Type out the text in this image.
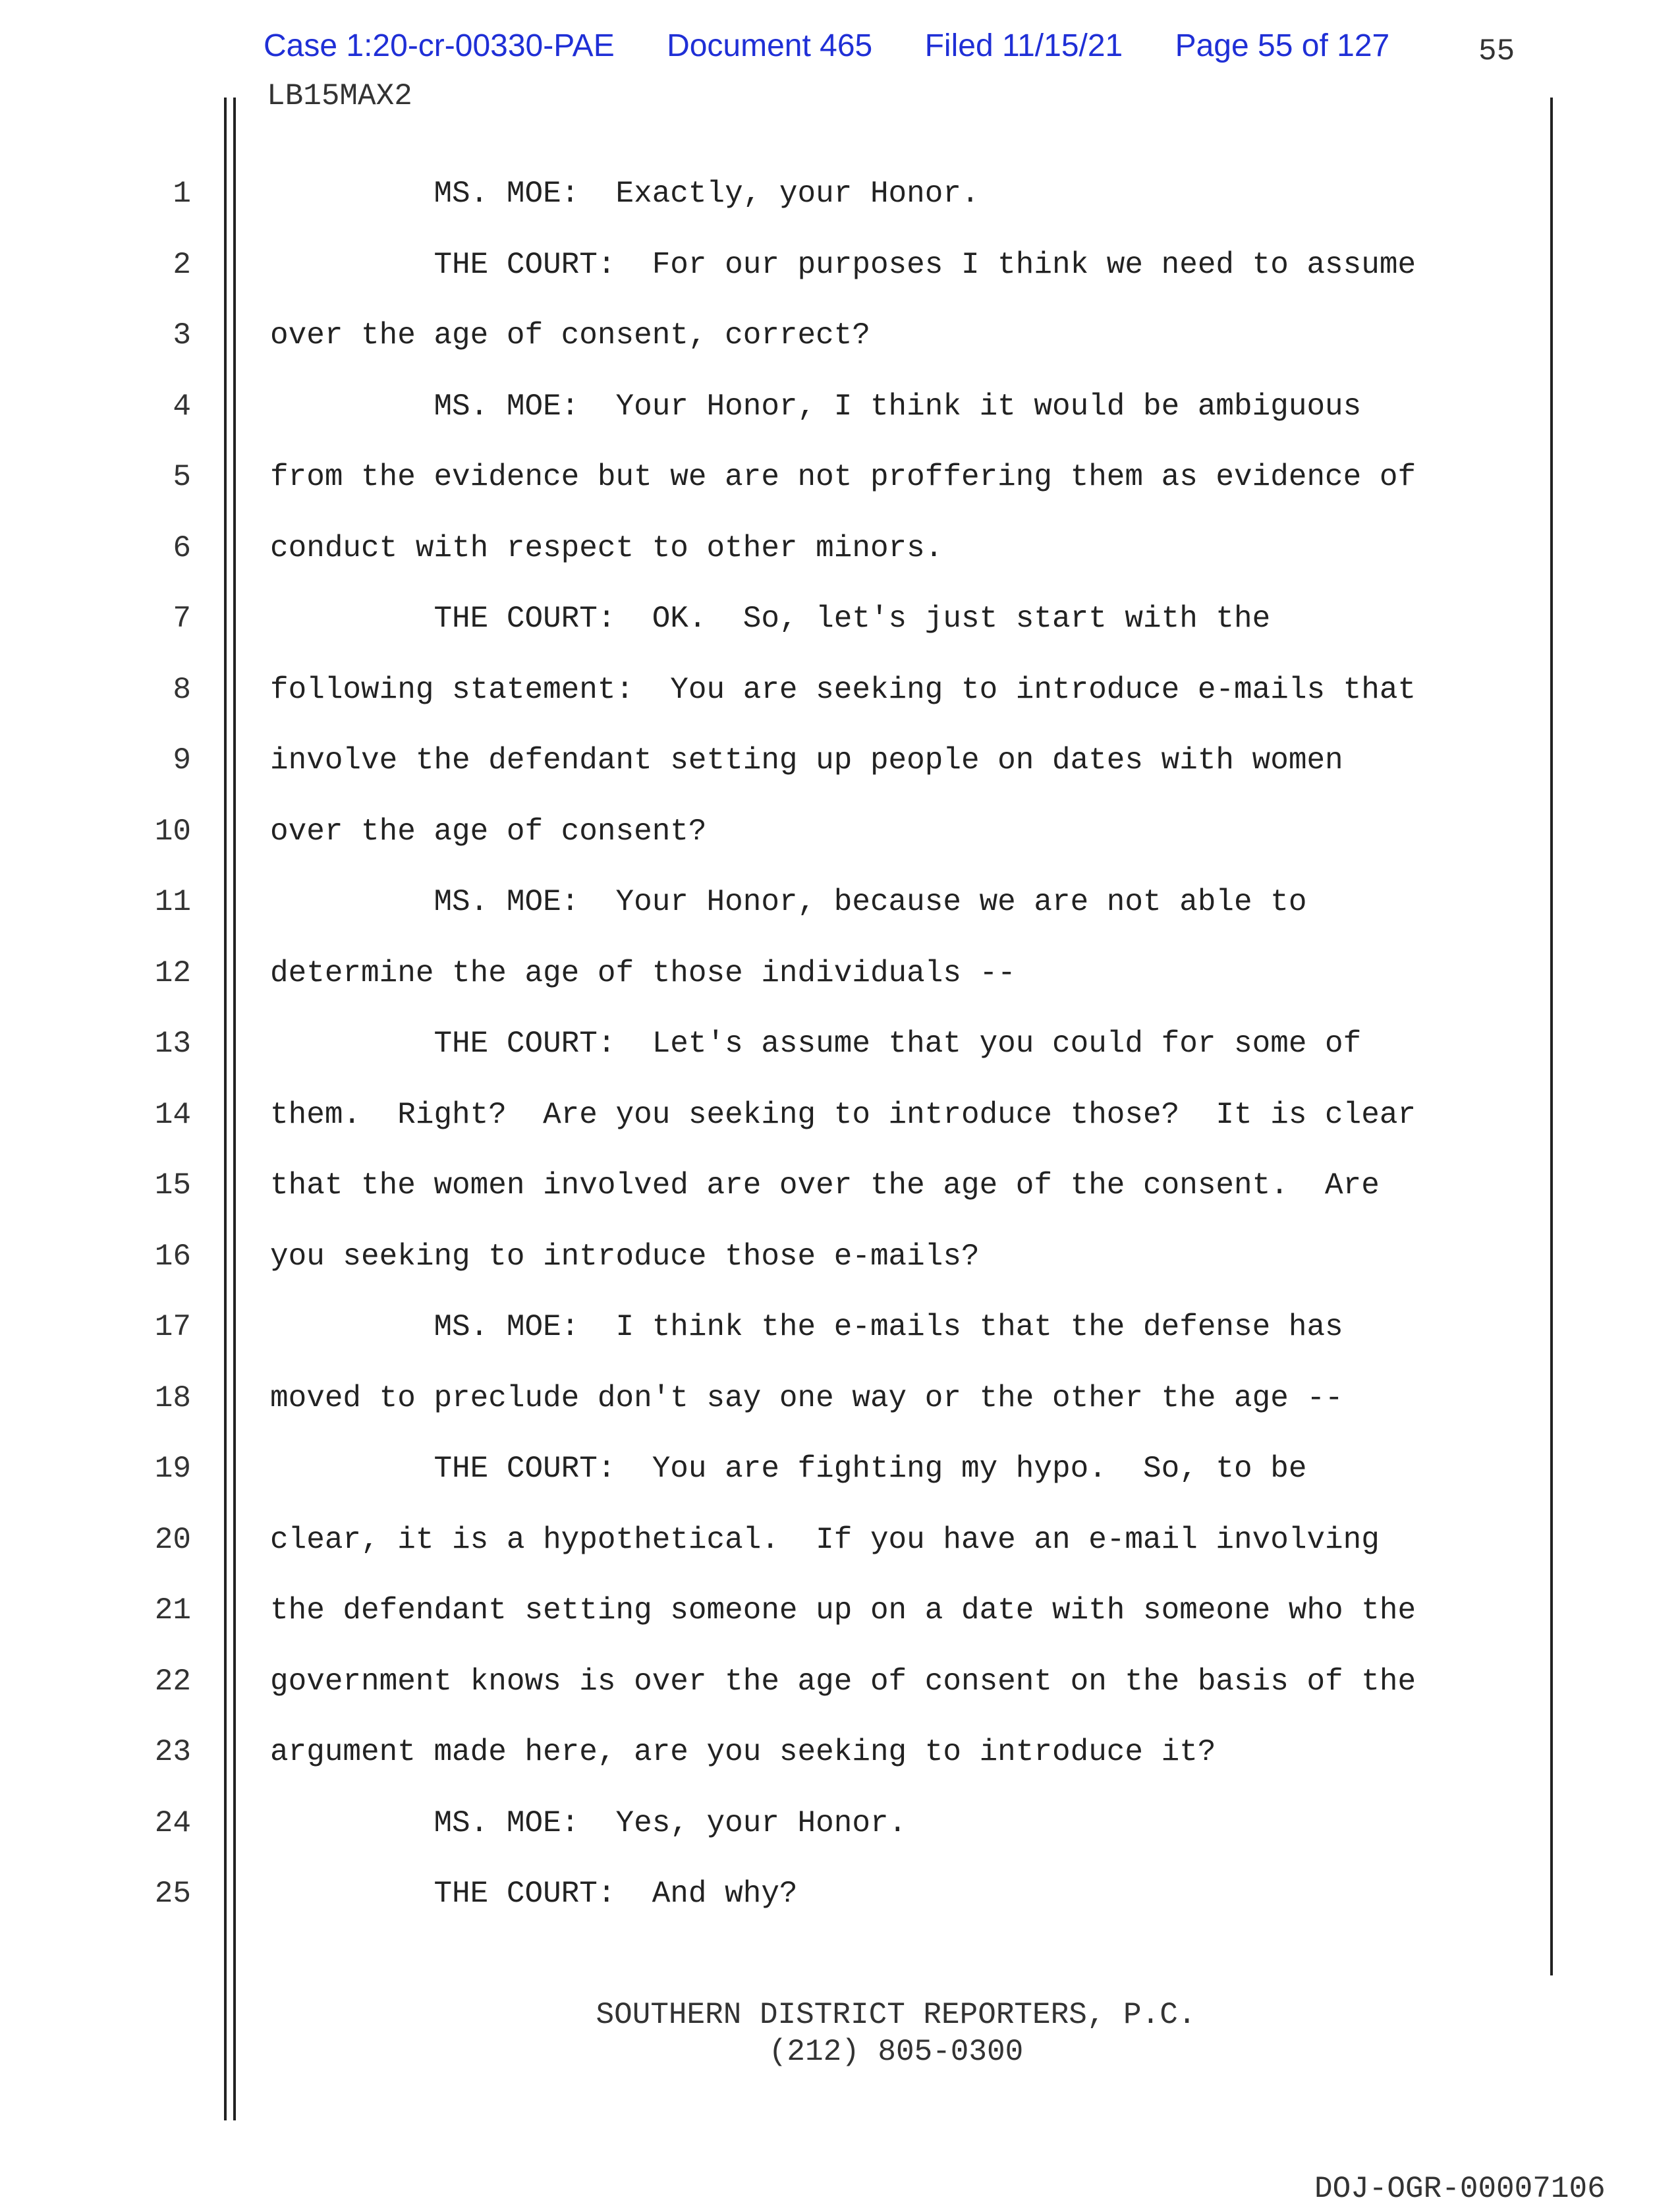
Case 1:20-cr-00330-PAE Document 465 Filed 11/15/21 Page 55 of 127	55
LB15MAX2
1	MS. MOE:  Exactly, your Honor.
2	THE COURT:  For our purposes I think we need to assume
3	over the age of consent, correct?
4	MS. MOE:  Your Honor, I think it would be ambiguous
5	from the evidence but we are not proffering them as evidence of
6	conduct with respect to other minors.
7	THE COURT:  OK.  So, let's just start with the
8	following statement:  You are seeking to introduce e-mails that
9	involve the defendant setting up people on dates with women
10	over the age of consent?
11	MS. MOE:  Your Honor, because we are not able to
12	determine the age of those individuals --
13	THE COURT:  Let's assume that you could for some of
14	them.  Right?  Are you seeking to introduce those?  It is clear
15	that the women involved are over the age of the consent.  Are
16	you seeking to introduce those e-mails?
17	MS. MOE:  I think the e-mails that the defense has
18	moved to preclude don't say one way or the other the age --
19	THE COURT:  You are fighting my hypo.  So, to be
20	clear, it is a hypothetical.  If you have an e-mail involving
21	the defendant setting someone up on a date with someone who the
22	government knows is over the age of consent on the basis of the
23	argument made here, are you seeking to introduce it?
24	MS. MOE:  Yes, your Honor.
25	THE COURT:  And why?
SOUTHERN DISTRICT REPORTERS, P.C.
(212) 805-0300
DOJ-OGR-00007106
